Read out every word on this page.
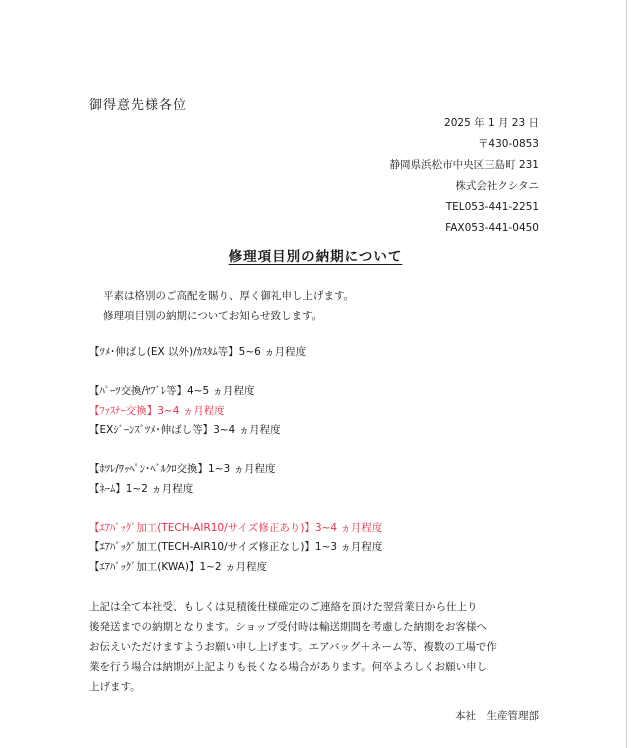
御得意先様各位
2025 年 1 月 23 日
〒430-0853
静岡県浜松市中央区三島町 231
株式会社クシタニ
TEL053-441-2251
FAX053-441-0450
修理項目別の納期について
平素は格別のご高配を賜り、厚く御礼申し上げます。
修理項目別の納期についてお知らせ致します。
【ﾂﾒ･伸ばし(EX 以外)/ｶｽﾀﾑ等】5~6 ヵ月程度
【ﾊﾟｰﾂ交換/ﾔﾌﾞﾚ等】4~5 ヵ月程度
【ﾌｧｽﾅｰ交換】3~4 ヵ月程度
【EXｼﾞｰﾝｽﾞﾂﾒ･伸ばし等】3~4 ヵ月程度
【ﾎﾂﾚ/ﾜｯﾍﾟﾝ･ﾍﾞﾙｸﾛ交換】1~3 ヵ月程度
【ﾈｰﾑ】1~2 ヵ月程度
【ｴｱﾊﾞｯｸﾞ加工(TECH-AIR10/サイズ修正あり)】3~4 ヵ月程度
【ｴｱﾊﾞｯｸﾞ加工(TECH-AIR10/サイズ修正なし)】1~3 ヵ月程度
【ｴｱﾊﾞｯｸﾞ加工(KWA)】1~2 ヵ月程度
上記は全て本社受、もしくは見積後仕様確定のご連絡を頂けた翌営業日から仕上り
後発送までの納期となります。ショップ受付時は輸送期間を考慮した納期をお客様へ
お伝えいただけますようお願い申し上げます。エアバッグ＋ネーム等、複数の工場で作
業を行う場合は納期が上記よりも長くなる場合があります。何卒よろしくお願い申し
上げます。
本社　生産管理部
